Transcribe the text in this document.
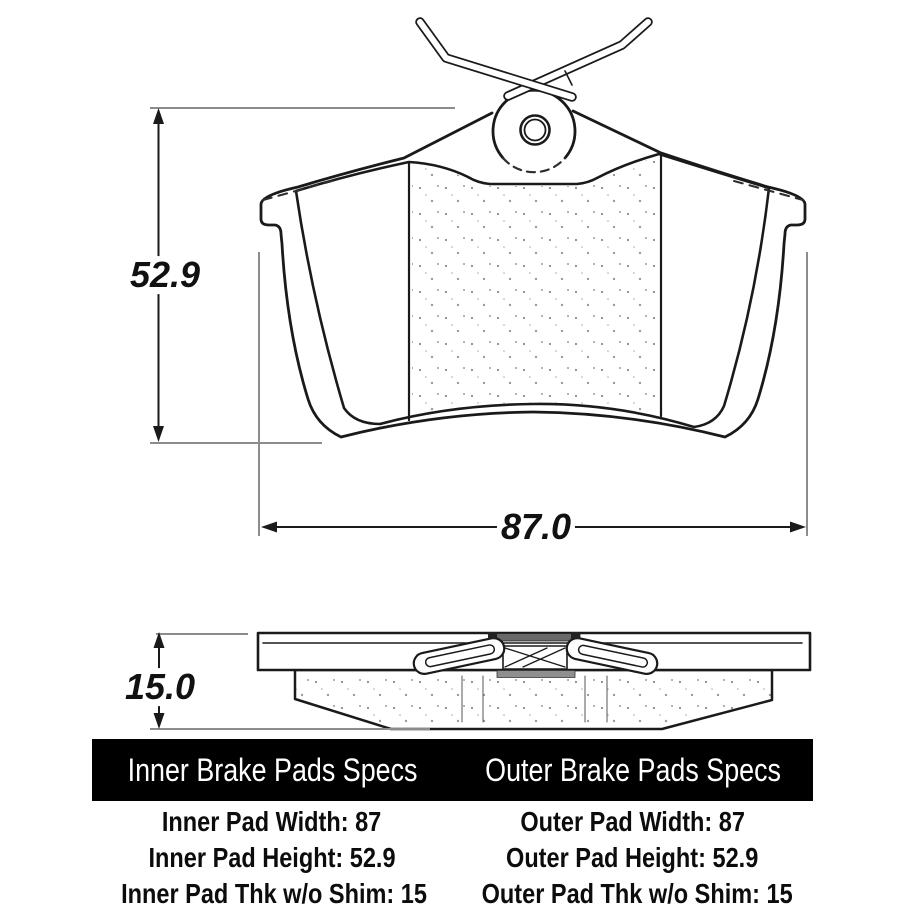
52.9
87.0
15.0
Inner Brake Pads Specs Outer Brake Pads Specs
Inner Pad Width: 87	Outer Pad Width: 87
Inner Pad Height: 52.9	Outer Pad Height: 52.9
Inner Pad Thk w/o Shim: 15	Outer Pad Thk w/o Shim: 15
